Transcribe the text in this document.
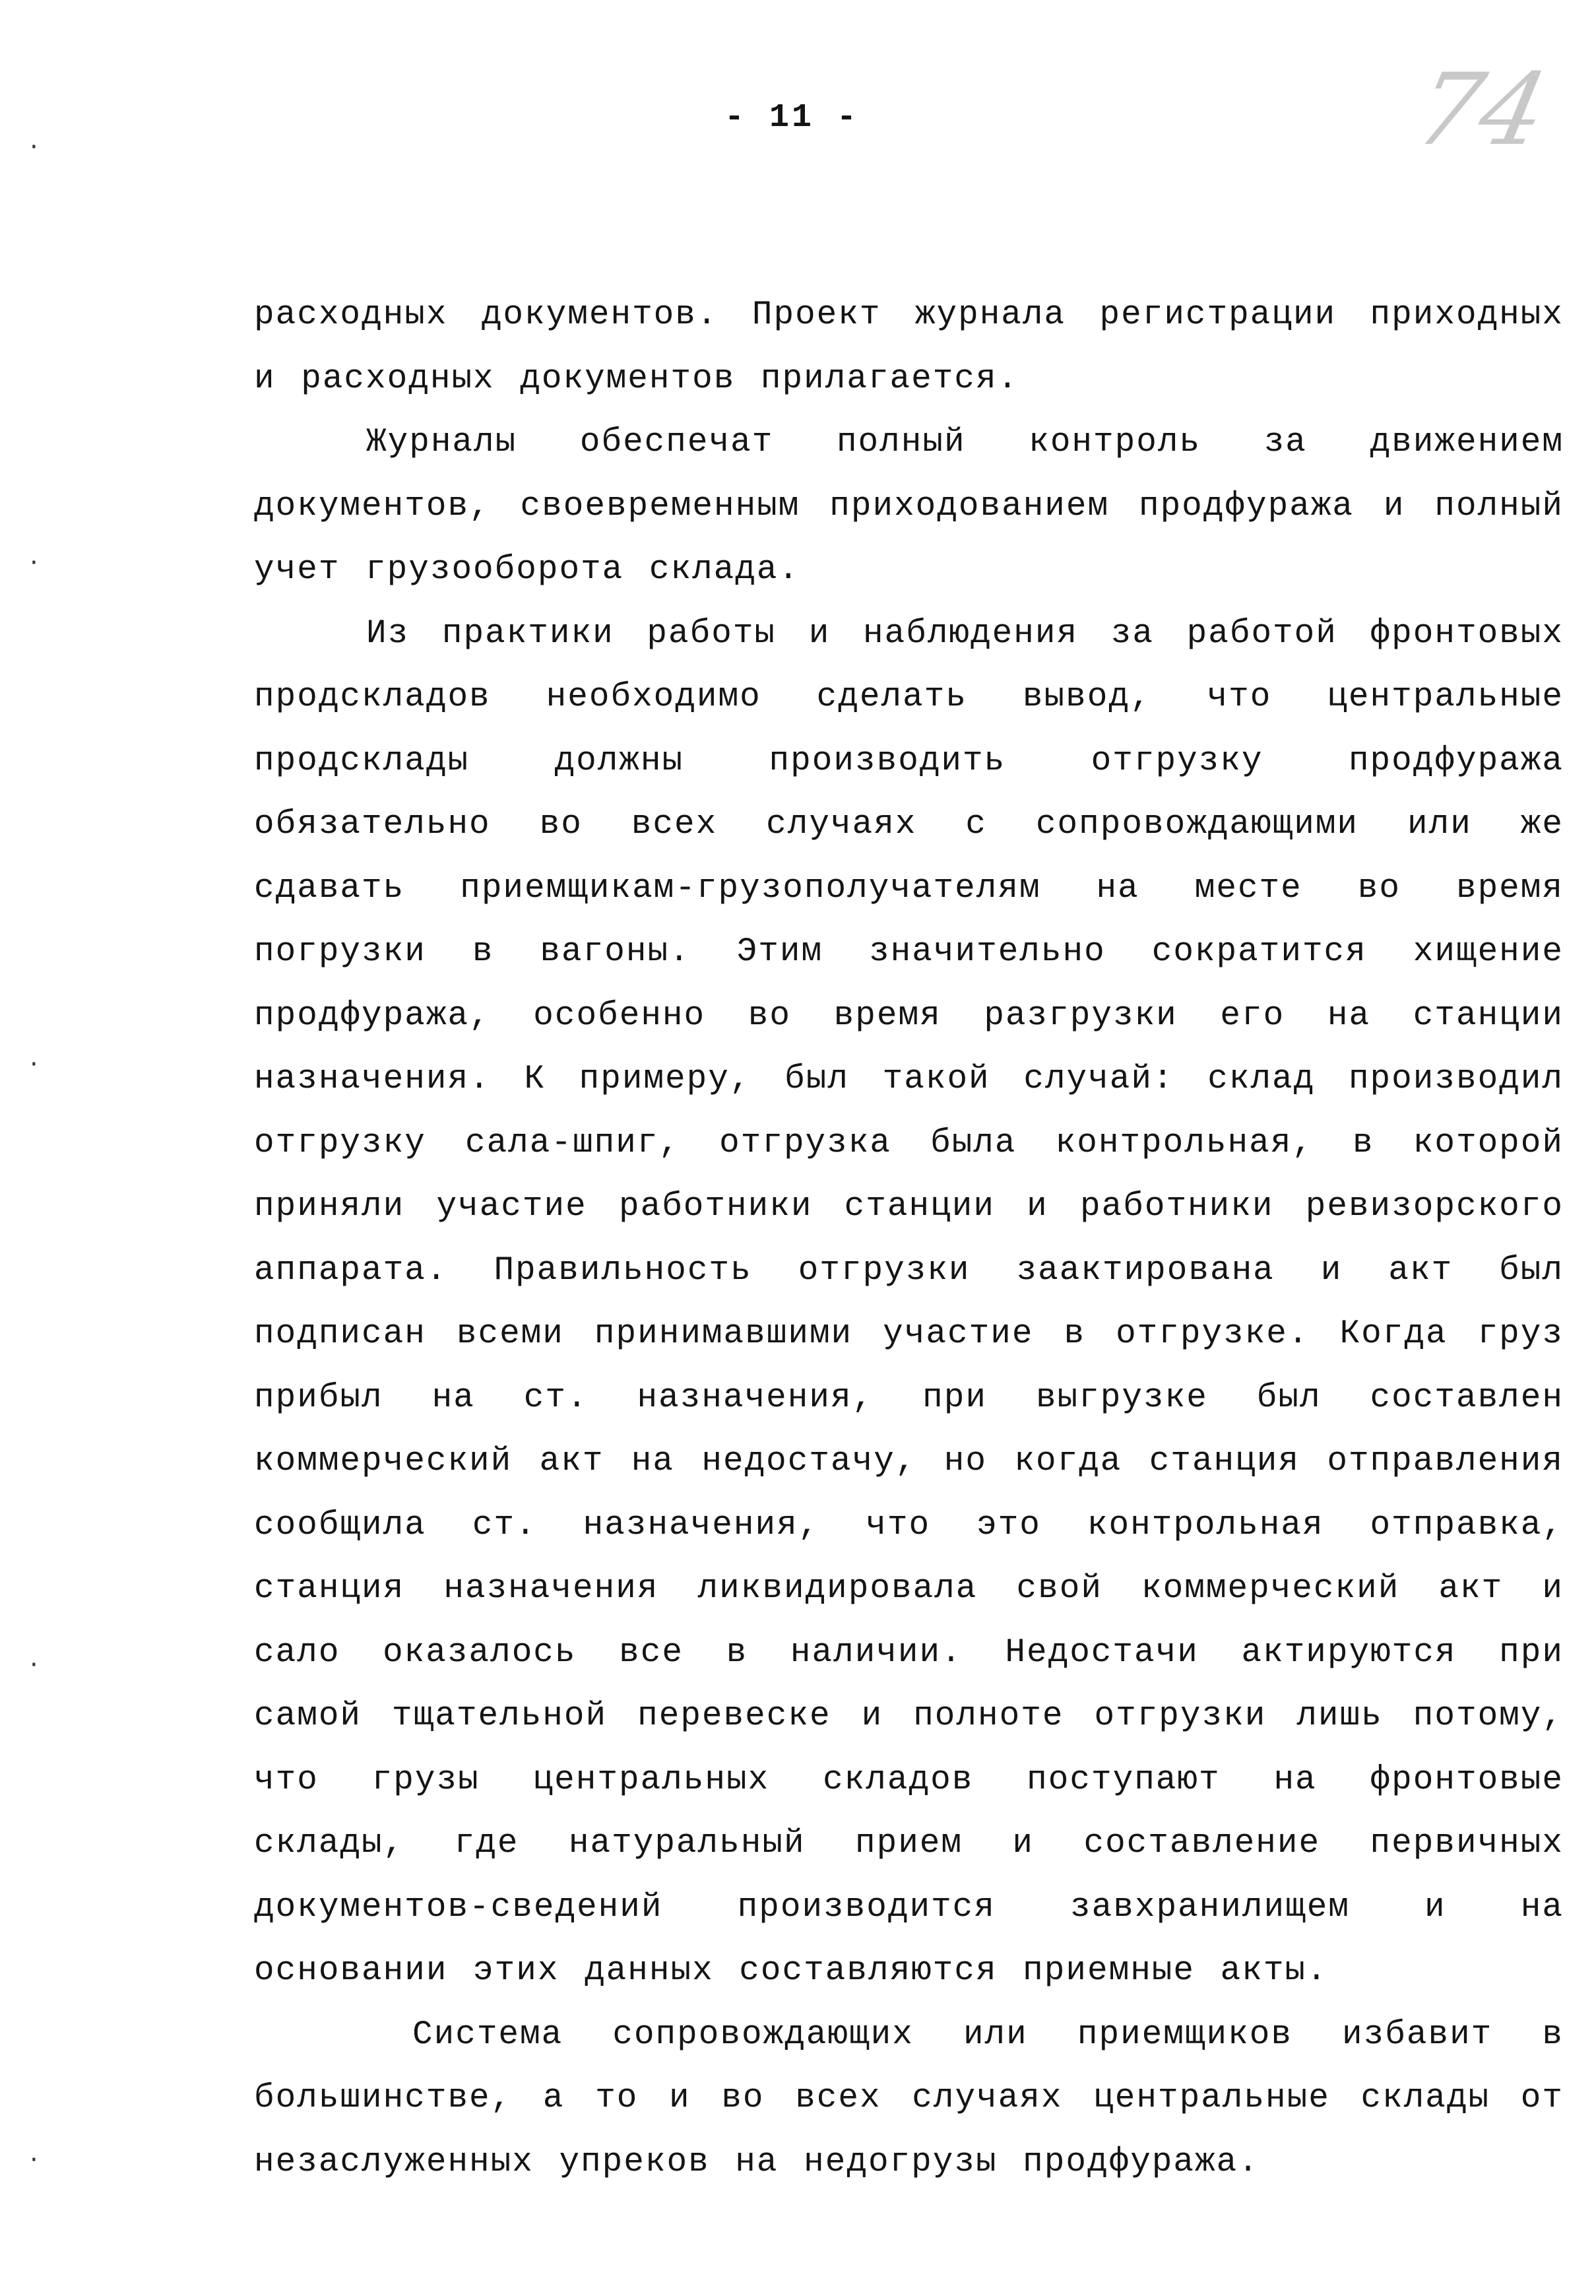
- 11 -	74
·
·
·
·
·

расходных документов. Проект журнала регистрации приходных и расходных документов прилагается.

Журналы обеспечат полный контроль за движением документов, своевременным приходованием продфуража и полный учет грузооборота склада.

Из практики работы и наблюдения за работой фронтовых продскладов необходимо сделать вывод, что центральные продсклады должны производить отгрузку продфуража обязательно во всех случаях с сопровождающими или же сдавать приемщикам-грузополучателям на месте во время погрузки в вагоны. Этим значительно сократится хищение продфуража, особенно во время разгрузки его на станции назначения. К примеру, был такой случай: склад производил отгрузку сала-шпиг, отгрузка была контрольная, в которой приняли участие работники станции и работники ревизорского аппарата. Правильность отгрузки заактирована и акт был подписан всеми принимавшими участие в отгрузке. Когда груз прибыл на ст. назначения, при выгрузке был составлен коммерческий акт на недостачу, но когда станция отправления сообщила ст. назначения, что это контрольная отправка, станция назначения ликвидировала свой коммерческий акт и сало оказалось все в наличии. Недостачи актируются при самой тщательной перевеске и полноте отгрузки лишь потому, что грузы центральных складов поступают на фронтовые склады, где натуральный прием и составление первичных документов-сведений производится завхранилищем и на основании этих данных составляются приемные акты.

Система сопровождающих или приемщиков избавит в большинстве, а то и во всех случаях центральные склады от незаслуженных упреков на недогрузы продфуража.
